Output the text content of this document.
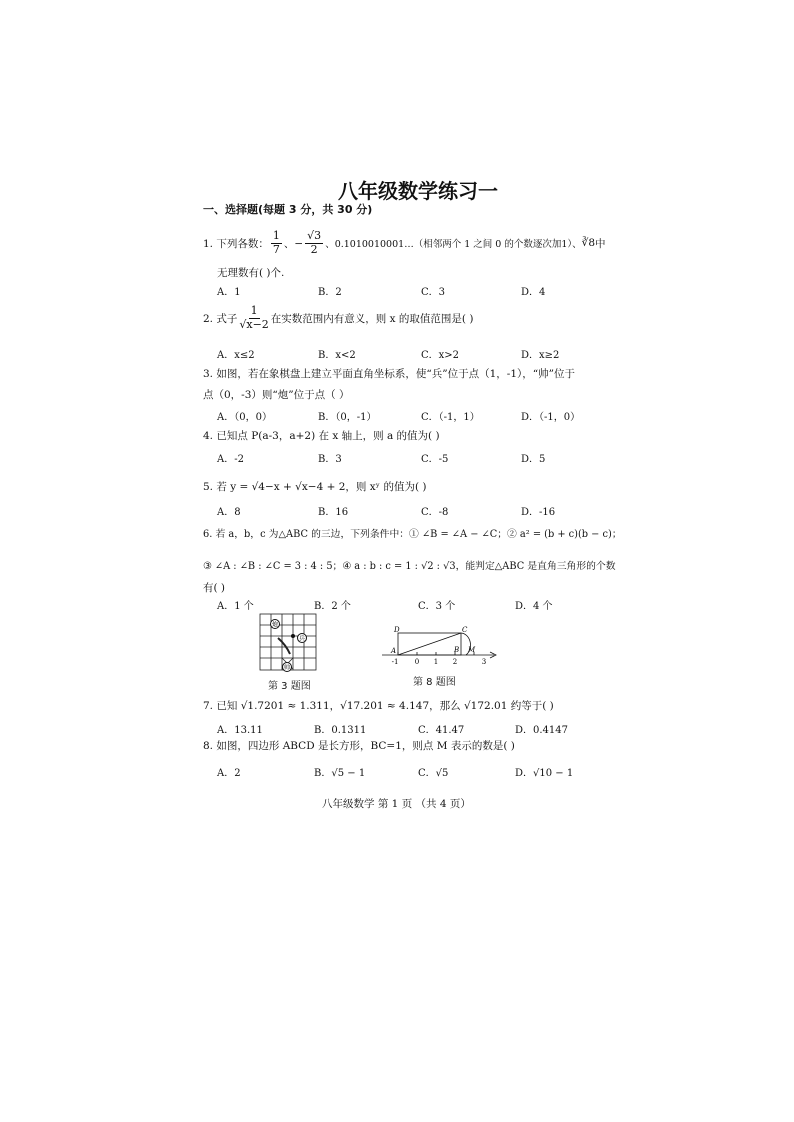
八年级数学练习一
一、选择题(每题 3 分，共 30 分)
1. 下列各数： $\frac{1}{7}$ 、− $\frac{√3}{2}$ 、0.1010010001…（相邻两个 1 之间 0 的个数逐次加1）、 ∛8 中
无理数有( )个.
A．1	B．2	C．3	D．4
2. 式子 $\frac{1}{√x-2}$ 在实数范围内有意义，则 x 的取值范围是( )
A．x≤2	B．x<2	C．x>2	D．x≥2
3. 如图，若在象棋盘上建立平面直角坐标系，使“兵”位于点（1，-1），“帅”位于
点（0，-3）则“炮”位于点（ ）
A．（0，0）	B．（0，-1）	C．（-1，1）	D．（-1，0）
4. 已知点 P(a-3，a+2) 在 x 轴上，则 a 的值为( )
A．-2	B．3	C．-5	D．5
5. 若 y = √4−x + √x−4 + 2，则 xʸ 的值为( )
A．8	B．16	C．-8	D．-16
6. 若 a，b，c 为△ABC 的三边，下列条件中：① ∠B = ∠A − ∠C；② a² = (b + c)(b − c)；
③ ∠A : ∠B : ∠C = 3 : 4 : 5；④ a : b : c = 1 : √2 : √3，能判定△ABC 是直角三角形的个数
有( )
A．1 个	B．2 个	C．3 个	D．4 个
炮
兵
帅
第 3 题图
D	C
A	B M
-1 0 1 2	3
第 8 题图
7. 已知 √1.7201 ≈ 1.311，√17.201 ≈ 4.147，那么 √172.01 约等于( )
A．13.11	B．0.1311	C．41.47	D．0.4147
8. 如图，四边形 ABCD 是长方形，BC=1，则点 M 表示的数是( )
A．2	B．√5 − 1	C．√5	D．√10 − 1
八年级数学 第 1 页 （共 4 页）
